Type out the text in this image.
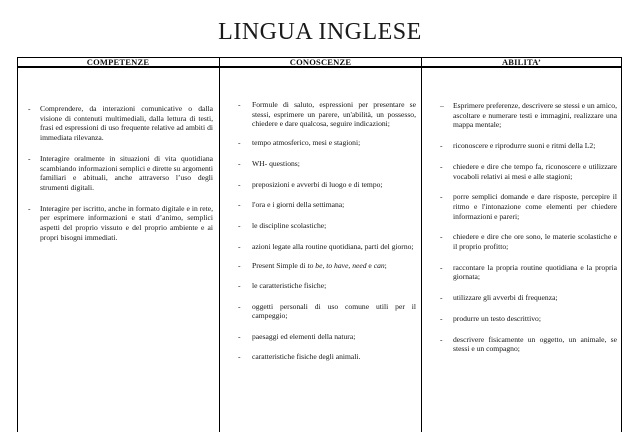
LINGUA INGLESE
COMPETENZE	CONOSCENZE	ABILITA’
- Comprendere, da interazioni comunicative o dalla visione di contenuti multimediali, dalla lettura di testi, frasi ed espressioni di uso frequente relative ad ambiti di immediata rilevanza.
- Interagire oralmente in situazioni di vita quotidiana scambiando informazioni semplici e dirette su argomenti familiari e abituali, anche attraverso l’uso degli strumenti digitali.
- Interagire per iscritto, anche in formato digitale e in rete, per esprimere informazioni e stati d’animo, semplici aspetti del proprio vissuto e del proprio ambiente e ai propri bisogni immediati.
- Formule di saluto, espressioni per presentare se stessi, esprimere un parere, un'abilità, un possesso, chiedere e dare qualcosa, seguire indicazioni;
- tempo atmosferico, mesi e stagioni;
- WH- questions;
- preposizioni e avverbi di luogo e di tempo;
- l'ora e i giorni della settimana;
- le discipline scolastiche;
- azioni legate alla routine quotidiana, parti del giorno;
- Present Simple di to be, to have, need e can;
- le caratteristiche fisiche;
- oggetti personali di uso comune utili per il campeggio;
- paesaggi ed elementi della natura;
- caratteristiche fisiche degli animali.
– Esprimere preferenze, descrivere se stessi e un amico, ascoltare e numerare testi e immagini, realizzare una mappa mentale;
- riconoscere e riprodurre suoni e ritmi della L2;
- chiedere e dire che tempo fa, riconoscere e utilizzare vocaboli relativi ai mesi e alle stagioni;
- porre semplici domande e dare risposte, percepire il ritmo e l'intonazione come elementi per chiedere informazioni e pareri;
- chiedere e dire che ore sono, le materie scolastiche e il proprio profitto;
- raccontare la propria routine quotidiana e la propria giornata;
- utilizzare gli avverbi di frequenza;
- produrre un testo descrittivo;
- descrivere fisicamente un oggetto, un animale, se stessi e un compagno;
